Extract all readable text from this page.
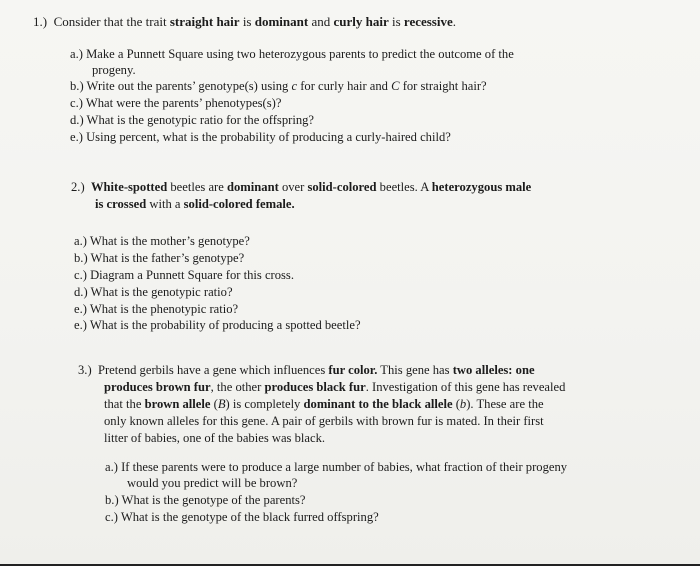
1.) Consider that the trait straight hair is dominant and curly hair is recessive.
a.) Make a Punnett Square using two heterozygous parents to predict the outcome of the
progeny.
b.) Write out the parents’ genotype(s) using c for curly hair and C for straight hair?
c.) What were the parents’ phenotypes(s)?
d.) What is the genotypic ratio for the offspring?
e.) Using percent, what is the probability of producing a curly-haired child?
2.) White-spotted beetles are dominant over solid-colored beetles. A heterozygous male
is crossed with a solid-colored female.
a.) What is the mother’s genotype?
b.) What is the father’s genotype?
c.) Diagram a Punnett Square for this cross.
d.) What is the genotypic ratio?
e.) What is the phenotypic ratio?
e.) What is the probability of producing a spotted beetle?
3.) Pretend gerbils have a gene which influences fur color. This gene has two alleles: one
produces brown fur, the other produces black fur. Investigation of this gene has revealed
that the brown allele (B) is completely dominant to the black allele (b). These are the
only known alleles for this gene. A pair of gerbils with brown fur is mated. In their first
litter of babies, one of the babies was black.
a.) If these parents were to produce a large number of babies, what fraction of their progeny
would you predict will be brown?
b.) What is the genotype of the parents?
c.) What is the genotype of the black furred offspring?
